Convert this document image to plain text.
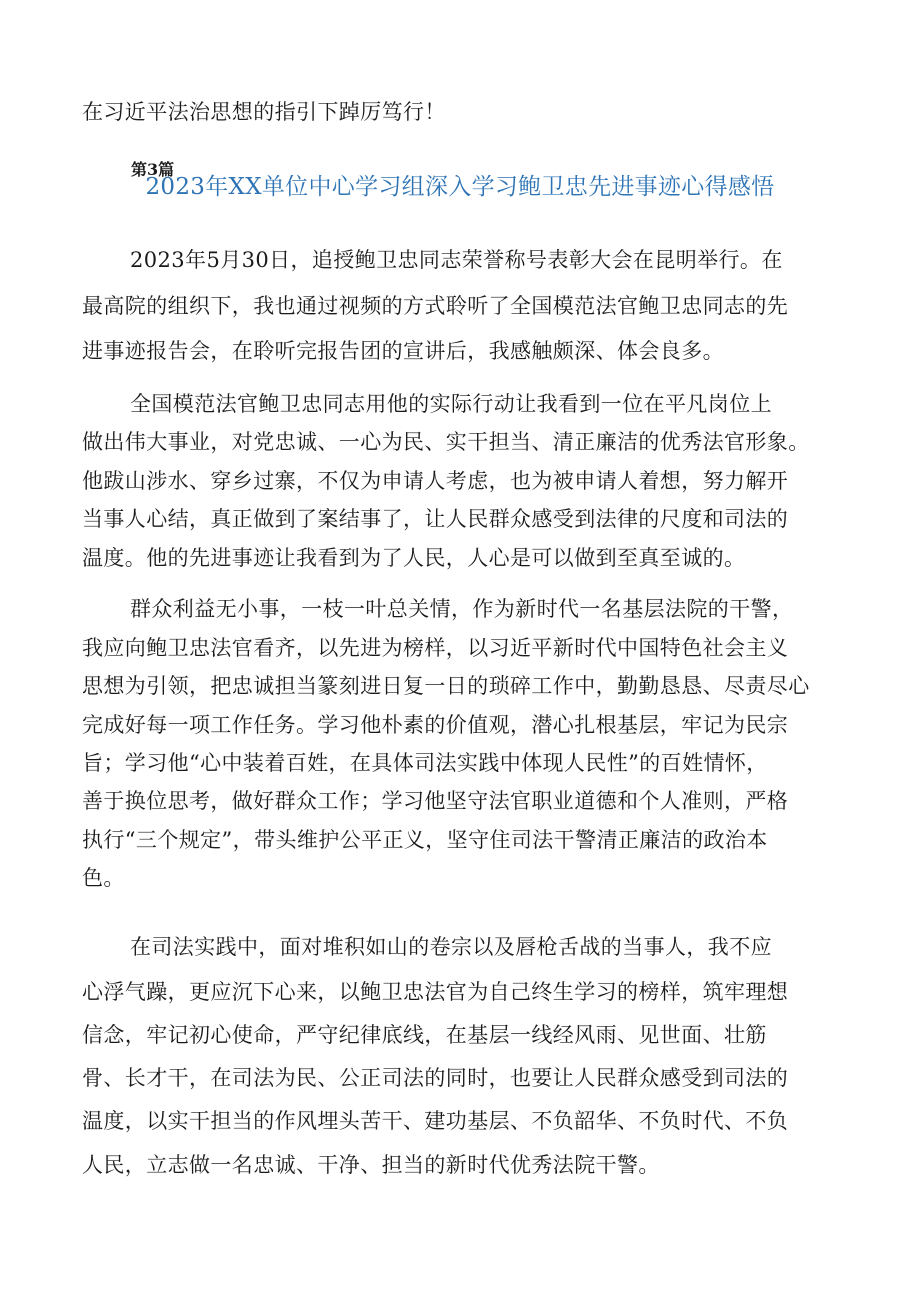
在习近平法治思想的指引下踔厉笃行！
第3篇
2023年XX单位中心学习组深入学习鲍卫忠先进事迹心得感悟
2023年5月30日，追授鲍卫忠同志荣誉称号表彰大会在昆明举行。在
最高院的组织下，我也通过视频的方式聆听了全国模范法官鲍卫忠同志的先
进事迹报告会，在聆听完报告团的宣讲后，我感触颇深、体会良多。
全国模范法官鲍卫忠同志用他的实际行动让我看到一位在平凡岗位上
做出伟大事业，对党忠诚、一心为民、实干担当、清正廉洁的优秀法官形象。
他跋山涉水、穿乡过寨，不仅为申请人考虑，也为被申请人着想，努力解开
当事人心结，真正做到了案结事了，让人民群众感受到法律的尺度和司法的
温度。他的先进事迹让我看到为了人民，人心是可以做到至真至诚的。
群众利益无小事，一枝一叶总关情，作为新时代一名基层法院的干警，
我应向鲍卫忠法官看齐，以先进为榜样，以习近平新时代中国特色社会主义
思想为引领，把忠诚担当篆刻进日复一日的琐碎工作中，勤勤恳恳、尽责尽心
完成好每一项工作任务。学习他朴素的价值观，潜心扎根基层，牢记为民宗
旨；学习他“心中装着百姓，在具体司法实践中体现人民性”的百姓情怀，
善于换位思考，做好群众工作；学习他坚守法官职业道德和个人准则，严格
执行“三个规定”，带头维护公平正义，坚守住司法干警清正廉洁的政治本
色。
在司法实践中，面对堆积如山的卷宗以及唇枪舌战的当事人，我不应
心浮气躁，更应沉下心来，以鲍卫忠法官为自己终生学习的榜样，筑牢理想
信念，牢记初心使命，严守纪律底线，在基层一线经风雨、见世面、壮筋
骨、长才干，在司法为民、公正司法的同时，也要让人民群众感受到司法的
温度，以实干担当的作风埋头苦干、建功基层、不负韶华、不负时代、不负
人民，立志做一名忠诚、干净、担当的新时代优秀法院干警。
